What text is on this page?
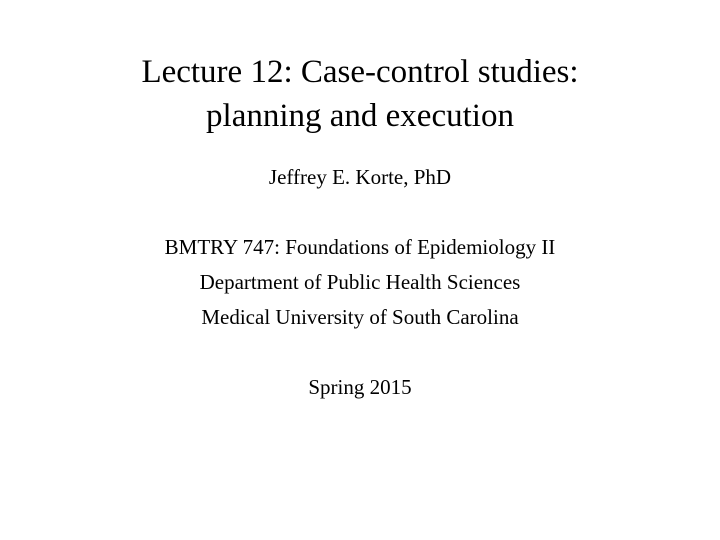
Lecture 12: Case-control studies:
planning and execution
Jeffrey E. Korte, PhD
BMTRY 747: Foundations of Epidemiology II
Department of Public Health Sciences
Medical University of South Carolina
Spring 2015
